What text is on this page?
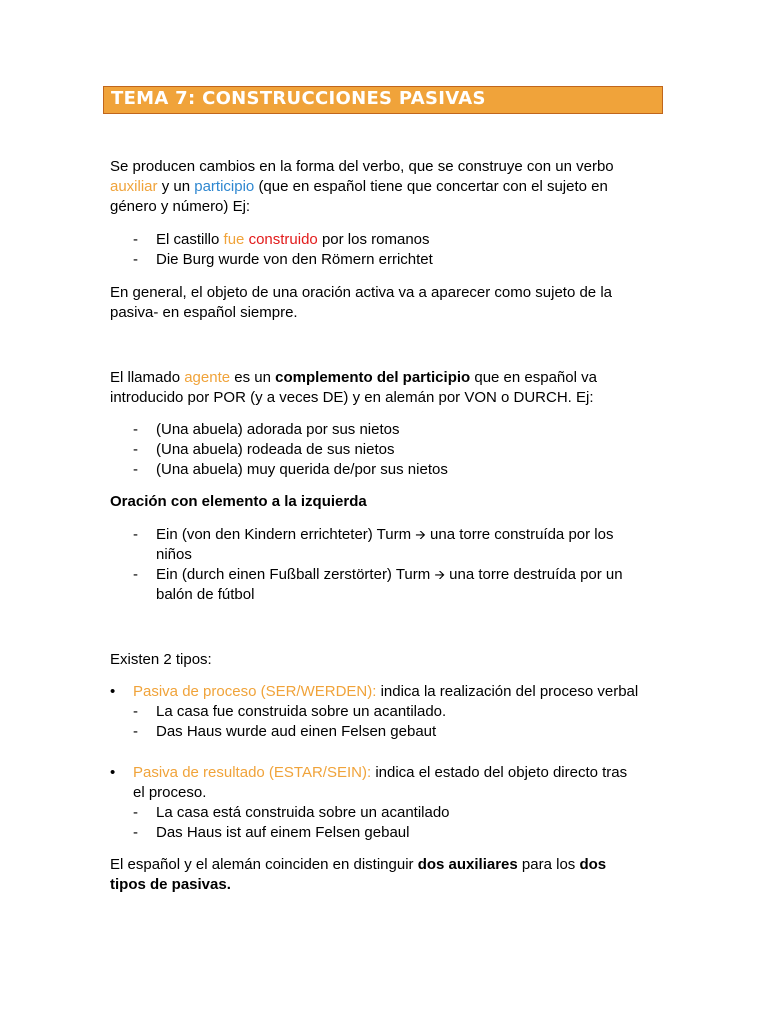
TEMA 7: CONSTRUCCIONES PASIVAS
Se producen cambios en la forma del verbo, que se construye con un verbo
auxiliar y un participio (que en español tiene que concertar con el sujeto en
género y número) Ej:
- El castillo fue construido por los romanos
- Die Burg wurde von den Römern errichtet
En general, el objeto de una oración activa va a aparecer como sujeto de la
pasiva- en español siempre.
El llamado agente es un complemento del participio que en español va
introducido por POR (y a veces DE) y en alemán por VON o DURCH. Ej:
- (Una abuela) adorada por sus nietos
- (Una abuela) rodeada de sus nietos
- (Una abuela) muy querida de/por sus nietos
Oración con elemento a la izquierda
- Ein (von den Kindern errichteter) Turm 🡪 una torre construída por los
niños
- Ein (durch einen Fußball zerstörter) Turm 🡪 una torre destruída por un
balón de fútbol
Existen 2 tipos:
• Pasiva de proceso (SER/WERDEN): indica la realización del proceso verbal
- La casa fue construida sobre un acantilado.
- Das Haus wurde aud einen Felsen gebaut
• Pasiva de resultado (ESTAR/SEIN): indica el estado del objeto directo tras
el proceso.
- La casa está construida sobre un acantilado
- Das Haus ist auf einem Felsen gebaul
El español y el alemán coinciden en distinguir dos auxiliares para los dos
tipos de pasivas.
